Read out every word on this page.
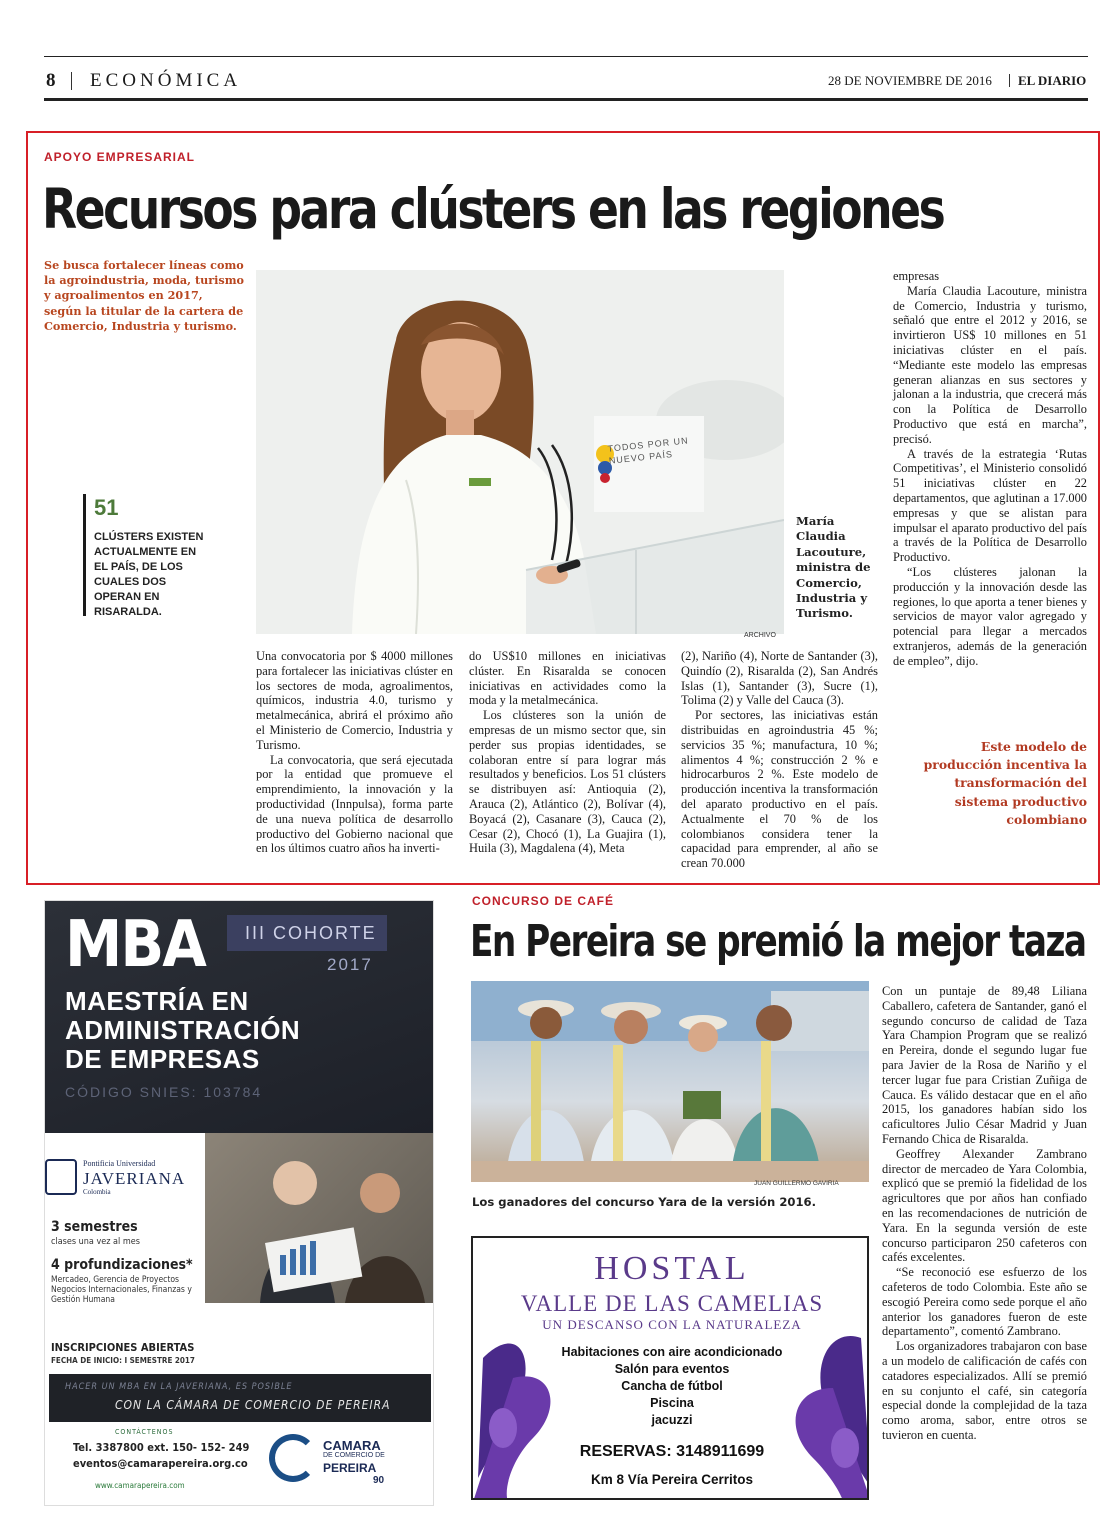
8 ECONÓMICA	28 DE NOVIEMBRE DE 2016 EL DIARIO
APOYO EMPRESARIAL
Recursos para clústers en las regiones
Se busca fortalecer líneas como la agroindustria, moda, turismo y agroalimentos en 2017, según la titular de la cartera de Comercio, Industria y turismo.
51
CLÚSTERS EXISTEN ACTUALMENTE EN EL PAÍS, DE LOS CUALES DOS OPERAN EN RISARALDA.
TODOS POR UN NUEVO PAÍS
ARCHIVO
María Claudia Lacouture, ministra de Comercio, Industria y Turismo.

Una convocatoria por $ 4000 millones para fortalecer las iniciativas clúster en los sectores de moda, agroalimentos, químicos, industria 4.0, turismo y metalmecánica, abrirá el próximo año el Ministerio de Comercio, Industria y Turismo.
La convocatoria, que será ejecutada por la entidad que promueve el emprendimiento, la innovación y la productividad (Innpulsa), forma parte de una nueva política de desarrollo productivo del Gobierno nacional que en los últimos cuatro años ha inverti-

do US$10 millones en iniciativas clúster. En Risaralda se conocen iniciativas en actividades como la moda y la metalmecánica.
Los clústeres son la unión de empresas de un mismo sector que, sin perder sus propias identidades, se colaboran entre sí para lograr más resultados y beneficios. Los 51 clústers se distribuyen así: Antioquia (2), Arauca (2), Atlántico (2), Bolívar (4), Boyacá (2), Casanare (3), Cauca (2), Cesar (2), Chocó (1), La Guajira (1), Huila (3), Magdalena (4), Meta

(2), Nariño (4), Norte de Santander (3), Quindío (2), Risaralda (2), San Andrés Islas (1), Santander (3), Sucre (1), Tolima (2) y Valle del Cauca (3).
Por sectores, las iniciativas están distribuidas en agroindustria 45 %; servicios 35 %; manufactura, 10 %; alimentos 4 %; construcción 2 % e hidrocarburos 2 %. Este modelo de producción incentiva la transformación del aparato productivo en el país. Actualmente el 70 % de los colombianos considera tener la capacidad para emprender, al año se crean 70.000

empresas
María Claudia Lacouture, ministra de Comercio, Industria y turismo, señaló que entre el 2012 y 2016, se invirtieron US$ 10 millones en 51 iniciativas clúster en el país. “Mediante este modelo las empresas generan alianzas en sus sectores y jalonan a la industria, que crecerá más con la Política de Desarrollo Productivo que está en marcha”, precisó.
A través de la estrategia ‘Rutas Competitivas’, el Ministerio consolidó 51 iniciativas clúster en 22 departamentos, que aglutinan a 17.000 empresas y que se alistan para impulsar el aparato productivo del país a través de la Política de Desarrollo Productivo.
“Los clústeres jalonan la producción y la innovación desde las regiones, lo que aporta a tener bienes y servicios de mayor valor agregado y potencial para llegar a mercados extranjeros, además de la generación de empleo”, dijo.

Este modelo de producción incentiva la transformación del sistema productivo colombiano
MBA	III COHORTE
2017
MAESTRÍA EN
ADMINISTRACIÓN
DE EMPRESAS
CÓDIGO SNIES: 103784
Pontificia Universidad
JAVERIANA
Colombia
3 semestres
clases una vez al mes
4 profundizaciones*
Mercadeo, Gerencia de Proyectos Negocios Internacionales, Finanzas y Gestión Humana
INSCRIPCIONES ABIERTAS
FECHA DE INICIO: I SEMESTRE 2017
HACER UN MBA EN LA JAVERIANA, ES POSIBLE
CON LA CÁMARA DE COMERCIO DE PEREIRA
CONTÁCTENOS
Tel. 3387800 ext. 150- 152- 249
eventos@camarapereira.org.co
www.camarapereira.com
CAMARA
DE COMERCIO DE
PEREIRA
90
CONCURSO DE CAFÉ
En Pereira se premió la mejor taza
JUAN GUILLERMO GAVIRIA
Los ganadores del concurso Yara de la versión 2016.

Con un puntaje de 89,48 Liliana Caballero, cafetera de Santander, ganó el segundo concurso de calidad de Taza Yara Champion Program que se realizó en Pereira, donde el segundo lugar fue para Javier de la Rosa de Nariño y el tercer lugar fue para Cristian Zuñiga de Cauca. Es válido destacar que en el año 2015, los ganadores habían sido los caficultores Julio César Madrid y Juan Fernando Chica de Risaralda.
Geoffrey Alexander Zambrano director de mercadeo de Yara Colombia, explicó que se premió la fidelidad de los agricultores que por años han confiado en las recomendaciones de nutrición de Yara. En la segunda versión de este concurso participaron 250 cafeteros con cafés excelentes.
“Se reconoció ese esfuerzo de los cafeteros de todo Colombia. Este año se escogió Pereira como sede porque el año anterior los ganadores fueron de este departamento”, comentó Zambrano.
Los organizadores trabajaron con base a un modelo de calificación de cafés con catadores especializados. Allí se premió en su conjunto el café, sin categoría especial donde la complejidad de la taza como aroma, sabor, entre otros se tuvieron en cuenta.

HOSTAL
VALLE DE LAS CAMELIAS
UN DESCANSO CON LA NATURALEZA
Habitaciones con aire acondicionado
Salón para eventos
Cancha de fútbol
Piscina
jacuzzi
RESERVAS: 3148911699
Km 8 Vía Pereira Cerritos
